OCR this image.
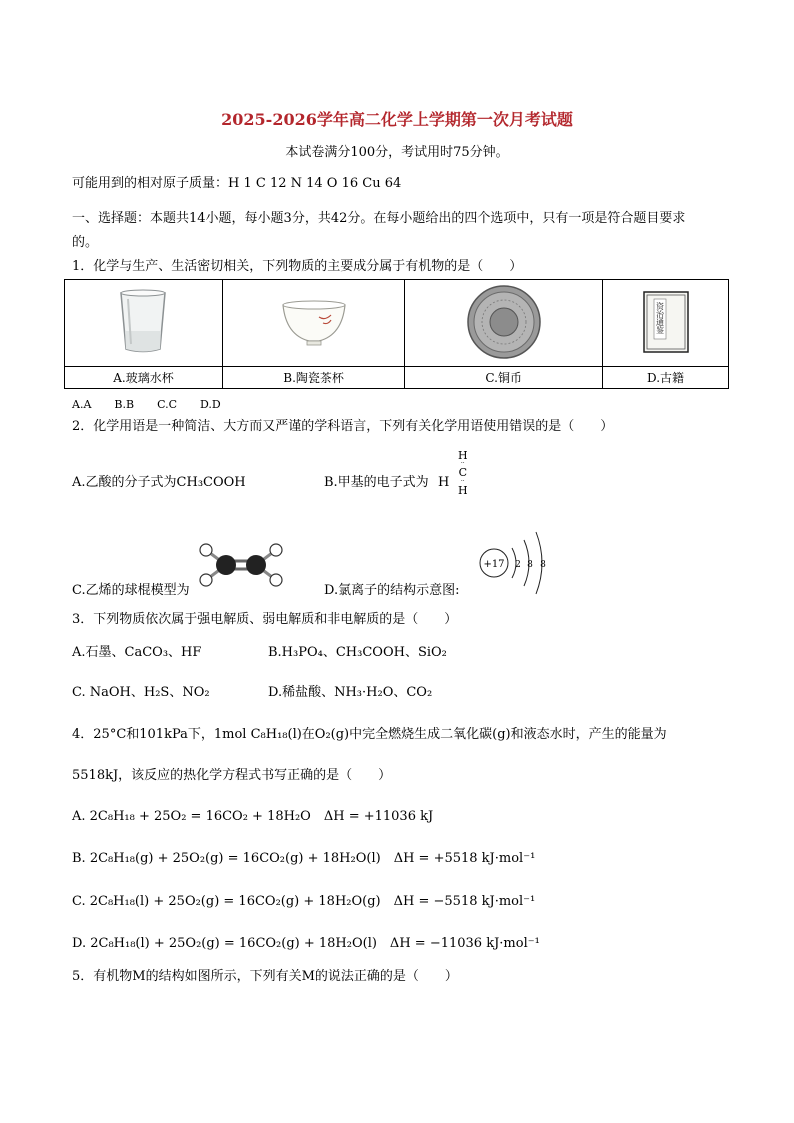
2025-2026学年高二化学上学期第一次月考试题
本试卷满分100分，考试用时75分钟。
可能用到的相对原子质量：H 1 C 12 N 14 O 16 Cu 64
一、选择题：本题共14小题，每小题3分，共42分。在每小题给出的四个选项中，只有一项是符合题目要求
的。
1．化学与生产、生活密切相关，下列物质的主要成分属于有机物的是（　　）

资治通鉴

A.玻璃水杯	B.陶瓷茶杯	C.铜币	D.古籍
A.A B.B C.C D.D
2．化学用语是一种简洁、大方而又严谨的学科语言，下列有关化学用语使用错误的是（　　）
A.乙酸的分子式为CH₃COOH	B.甲基的电子式为 H
H
··
C
··
H
C.乙烯的球棍模型为	D.氯离子的结构示意图:
+17 2 8 8
3．下列物质依次属于强电解质、弱电解质和非电解质的是（　　）
A.石墨、CaCO₃、HF	B.H₃PO₄、CH₃COOH、SiO₂
C. NaOH、H₂S、NO₂	D.稀盐酸、NH₃·H₂O、CO₂
4．25°C和101kPa下，1mol C₈H₁₈(l)在O₂(g)中完全燃烧生成二氧化碳(g)和液态水时，产生的能量为
5518kJ，该反应的热化学方程式书写正确的是（　　）
A. 2C₈H₁₈ + 25O₂ = 16CO₂ + 18H₂O　ΔH = +11036 kJ
B. 2C₈H₁₈(g) + 25O₂(g) = 16CO₂(g) + 18H₂O(l)　ΔH = +5518 kJ·mol⁻¹
C. 2C₈H₁₈(l) + 25O₂(g) = 16CO₂(g) + 18H₂O(g)　ΔH = −5518 kJ·mol⁻¹
D. 2C₈H₁₈(l) + 25O₂(g) = 16CO₂(g) + 18H₂O(l)　ΔH = −11036 kJ·mol⁻¹
5．有机物M的结构如图所示，下列有关M的说法正确的是（　　）
